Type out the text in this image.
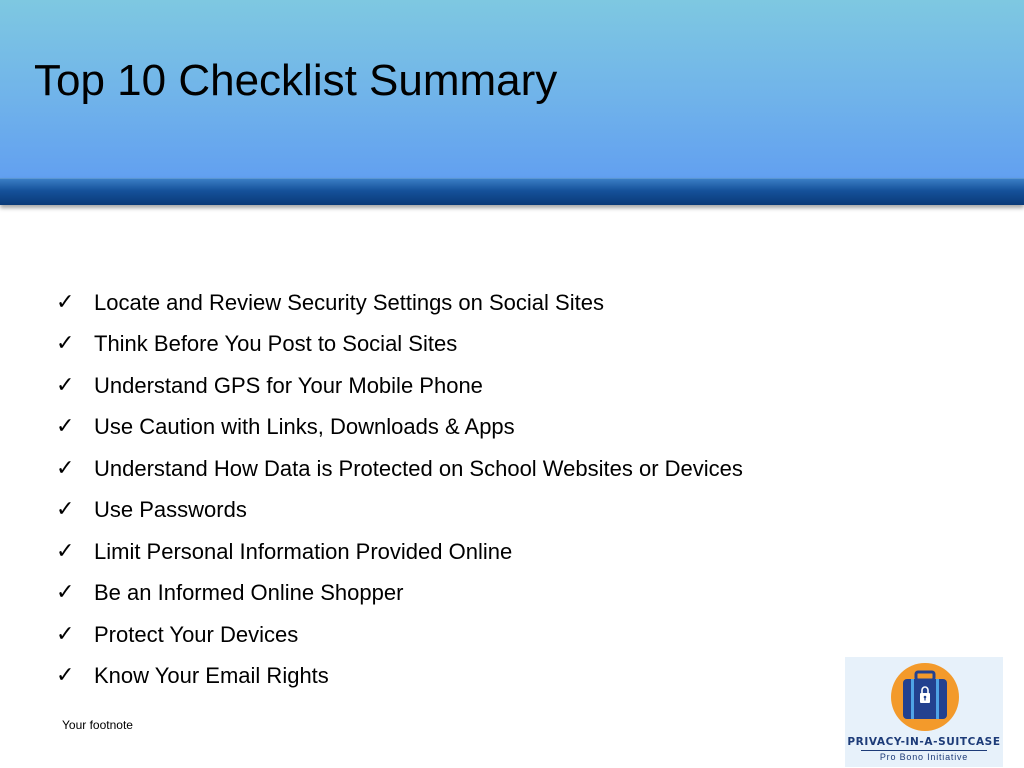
Top 10 Checklist Summary
✓ Locate and Review Security Settings on Social Sites
✓ Think Before You Post to Social Sites
✓ Understand GPS for Your Mobile Phone
✓ Use Caution with Links, Downloads & Apps
✓ Understand How Data is Protected on School Websites or Devices
✓ Use Passwords
✓ Limit Personal Information Provided Online
✓ Be an Informed Online Shopper
✓ Protect Your Devices
✓ Know Your Email Rights
Your footnote
PRIVACY-IN-A-SUITCASE
Pro Bono Initiative
